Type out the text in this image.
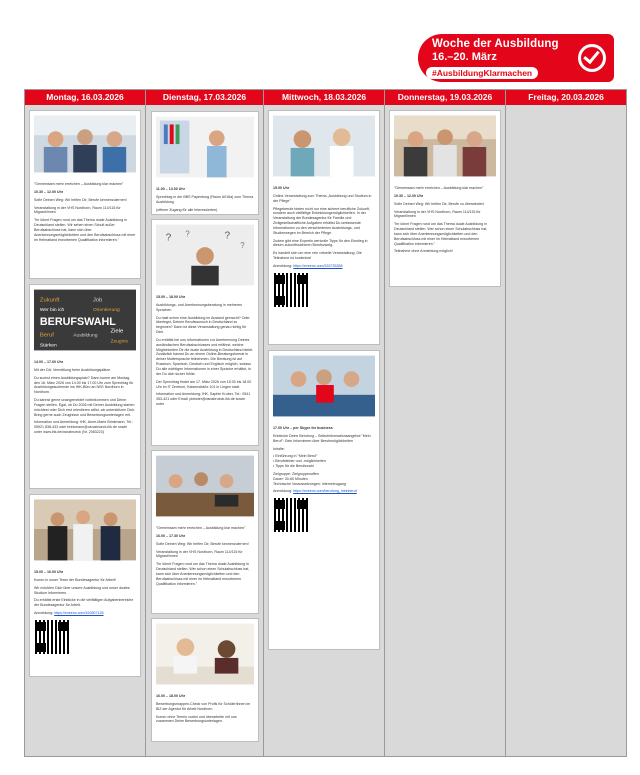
Woche der Ausbildung
16.–20. März
#AusbildungKlarmachen
Montag, 16.03.2026

"Gemeinsam mehr erreichen – Ausbildung klar machen"

10.30 – 12.00 Uhr

Sofie Deinen Weg: Wir helfen Dir, Berufe kennenzulernen!

Veranstaltung in der VHS Nordhorn, Raum 114/115 für Migrant/innen

"Ihr könnt Fragen rund um das Thema duale Ausbildung in Deutschland stellen. Wir sehen einen Schult außer Berufsabschluss hat, kann sich über Anerkennungsmöglichkeiten und den Berufsabschluss mit einer im Heimatland erworbenen Qualifikation informieren."

Zukunft	Job
Wer bin ich	Orientierung
BERUFSWAHL
Beruf	Ausbildung
Ziele
Zeugnis
Stärken

14.00 – 17.00 Uhr

Mit der DA: Vermittlung freier Ausbildungsplätze

Du suchst einen Ausbildungsplatz? Dann komm am Montag, den 16. März 2026 von 14.00 bis 17.00 Uhr zum Sprechtag für Ausbildungssuchende ins IHK-Büro an IWG Nordhorn in Nordhorn.

Du kannst gerne unangemeldet vorbeikommen und Deine Fragen stellen. Egal, ob Du 2026 mit Deiner Ausbildung starten möchtest oder Dich erst orientieren willst, wir unterstützen Dich. Bring gerne auch Zeugnisse und Bewerbungsunterlagen mit.

Information und Anmeldung: IHK, Anne-Marie Brinkmann, Tel.: 05921 838-433 oder brinkmann@osnabrueck.ihk.de sowie unter www.ihk.de/osnabrueck (Nr. 2083223)

15.00 – 16.00 Uhr

Komm in unser Team der Bundesagentur für Arbeit!

Wir möchten Dich über unsere Ausbildung und unser duales Studium informieren.

Du erhältst erste Einblicke in die vielfältigen Aufgabenbereiche der Bundesagentur für Arbeit.

Anmeldung: https://eveeno.com/162807128

Dienstag, 17.03.2026

11.00 – 13.00 Uhr

Sprechtag in der BBS Papenburg (Raum A016a) zum Thema Ausbildung

(offener Zugang für alle Interessierten)

? ?	?
?

15.00 – 18.00 Uhr

Ausbildungs- und Anerkennungsberatung in mehreren Sprachen

Du hast schon eine Ausbildung im Ausland gemacht? Oder überlegst, Deinen Berufswunsch in Deutschland zu beginnen? Dann ist diese Veranstaltung genau richtig für Dich.

Du erhältst bei uns Informationen zur Anerkennung Deines ausländischen Berufsabschlusses und erfährst, welche Möglichkeiten Dir die duale Ausbildung in Deutschland bietet. Zusätzlich kannst Du an einem Online-Beratungsformat in deiner Muttersprache teilnehmen. Die Beratung ist auf Russisch, Spanisch, Deutsch und Englisch möglich, sodass Du alle wichtigen Informationen in einer Sprache erhältst, in der Du dich sicher fühlst.

Der Sprechtag findet am 17. März 2026 von 15.00 bis 18.00 Uhr im IT Zentrum, Katzenstraße 101 in Lingen statt.

Information und Anmeldung: IHK, Saphie Kruber, Tel.: 0541 353-421 oder Email: pinkster@osnabrueck.ihk.de sowie unter

"Gemeinsam mehr erreichen – Ausbildung klar machen"

16.00 – 17.30 Uhr

Sofie Deinen Weg: Wir helfen Dir, Berufe kennenzulernen!

Veranstaltung in der VHS Nordhorn, Raum 114/115 für Migrant/innen

"Ihr könnt Fragen rund um das Thema duale Ausbildung in Deutschland stellen. Wer schon einen Schulabschluss hat, kann sich über Anerkennungsmöglichkeiten und den Berufsabschluss mit einer im Heimatland erworbenen Qualifikation informieren."

16.00 – 18.00 Uhr

Bewerbungsmappen-Check von Profis für Schüler/innen im BiZ der Agentur für Arbeit Nordhorn

Komm ohne Termin vorbei und überarbeite mit uns zusammen Deine Bewerbungsunterlagen.

Mittwoch, 18.03.2026

15.00 Uhr

Online-Veranstaltung zum Thema „Ausbildung und Studium in der Pflege"

Pflegeberufe bieten nicht nur eine sichere berufliche Zukunft, sondern auch vielfältige Entwicklungsmöglichkeiten. In der Veranstaltung der Bundesagentur für Familie und Zivilgesellschaftliche Aufgaben erhältst Du umfassende Informationen zu den verschiedenen Ausbildungs- und Studienwegen im Bereich der Pflege.

Zudem gibt eine Expertin wertvolle Tipps für den Einstieg in diesen zukunftssicheren Berufszweig.

Es handelt sich um eine rein virtuelle Veranstaltung. Die Teilnahme ist kostenlos!

Anmeldung: https://eveeno.com/333735358

17.00 Uhr – per Skype for business

Entdecke Deine Berufung – Selbstinformationsangebot "Mein Beruf": Dein Informieren über Berufsmöglichkeiten

Inhalte:

• Einführung in "Mein Beruf"

• Berufsfelder und -möglichkeiten

• Tipps für die Berufswahl

Zielgruppe: Zielgruppenoffen

Dauer: 30-60 Minuten

Technische Voraussetzungen: Internetzugang

Anmeldung: https://eveeno.com/berufung_meinberuf

Donnerstag, 19.03.2026

"Gemeinsam mehr erreichen – Ausbildung klar machen"

10.30 – 12.00 Uhr

Sofie Deinen Weg: Wir helfen Dir, Berufe zu überwinden!

Veranstaltung in der VHS Nordhorn, Raum 114/115 für Migrant/innen

"Ihr könnt Fragen rund um das Thema duale Ausbildung in Deutschland stellen. Wer schon einen Schulabschluss hat, kann sich über Anerkennungsmöglichkeiten und den Berufsabschluss mit einer im Heimatland erworbenen Qualifikation informieren."

Teilnahme ohne Anmeldung möglich!

Freitag, 20.03.2026
